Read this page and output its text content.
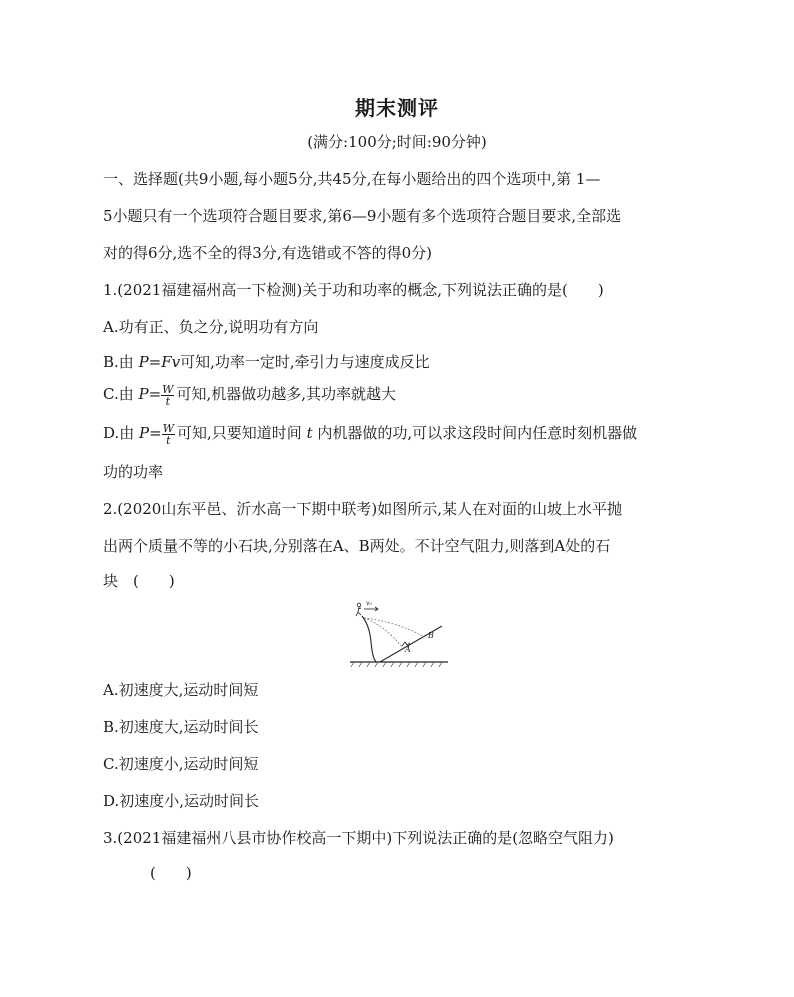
期末测评
(满分:100分;时间:90分钟)
一、选择题(共9小题,每小题5分,共45分,在每小题给出的四个选项中,第 1—
5小题只有一个选项符合题目要求,第6—9小题有多个选项符合题目要求,全部选
对的得6分,选不全的得3分,有选错或不答的得0分)
1.(2021福建福州高一下检测)关于功和功率的概念,下列说法正确的是(　　)
A.功有正、负之分,说明功有方向
B.由 P=Fv可知,功率一定时,牵引力与速度成反比
C.由 $P= \frac{W}{t}$ 可知,机器做功越多,其功率就越大
D.由 $P= \frac{W}{t}$ 可知,只要知道时间 t 内机器做的功,可以求这段时间内任意时刻机器做
功的功率
2.(2020山东平邑、沂水高一下期中联考)如图所示,某人在对面的山坡上水平抛
出两个质量不等的小石块,分别落在A、B两处。不计空气阻力,则落到A处的石
块　(　　)
v₀
A
B
A.初速度大,运动时间短
B.初速度大,运动时间长
C.初速度小,运动时间短
D.初速度小,运动时间长
3.(2021福建福州八县市协作校高一下期中)下列说法正确的是(忽略空气阻力)
(　　)
